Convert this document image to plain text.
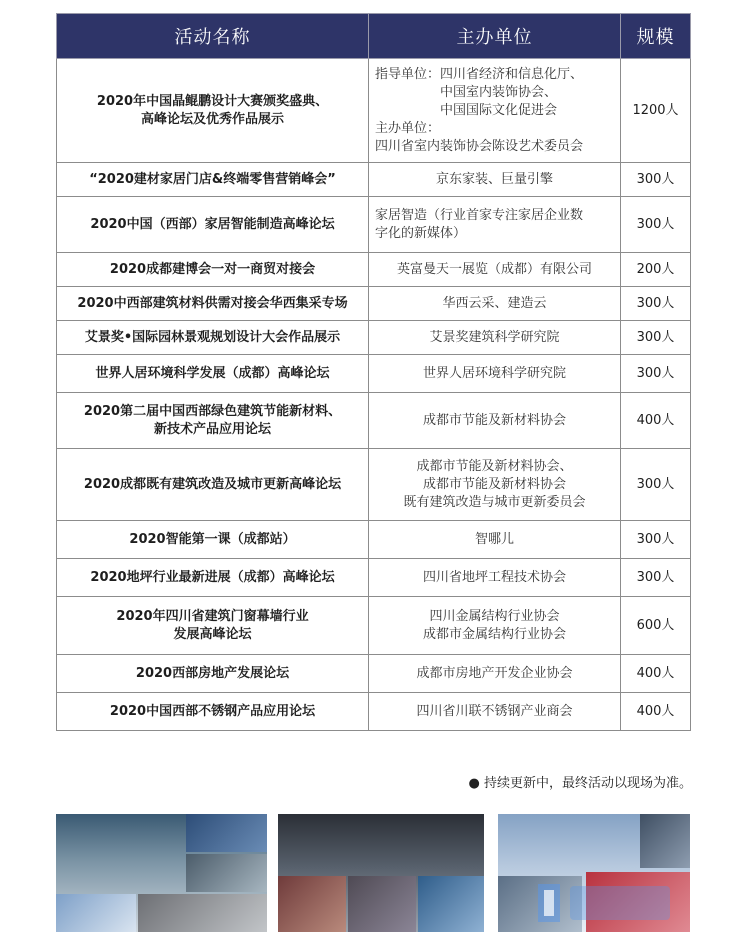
活动名称	主办单位	规模

2020年中国晶鲲鹏设计大赛颁奖盛典、
高峰论坛及优秀作品展示	指导单位：四川省经济和信息化厅、
　　　　　中国室内装饰协会、
　　　　　中国国际文化促进会
主办单位：
四川省室内装饰协会陈设艺术委员会	1200人

“2020建材家居门店&终端零售营销峰会”	京东家装、巨量引擎	300人

2020中国（西部）家居智能制造高峰论坛	家居智造（行业首家专注家居企业数
字化的新媒体）	300人

2020成都建博会一对一商贸对接会	英富曼天一展览（成都）有限公司	200人

2020中西部建筑材料供需对接会华西集采专场	华西云采、建造云	300人

艾景奖•国际园林景观规划设计大会作品展示	艾景奖建筑科学研究院	300人

世界人居环境科学发展（成都）高峰论坛	世界人居环境科学研究院	300人

2020第二届中国西部绿色建筑节能新材料、
新技术产品应用论坛	成都市节能及新材料协会	400人

2020成都既有建筑改造及城市更新高峰论坛	成都市节能及新材料协会、
成都市节能及新材料协会
既有建筑改造与城市更新委员会	300人

2020智能第一课（成都站）	智哪儿	300人

2020地坪行业最新进展（成都）高峰论坛	四川省地坪工程技术协会	300人

2020年四川省建筑门窗幕墙行业
发展高峰论坛	四川金属结构行业协会
成都市金属结构行业协会	600人

2020西部房地产发展论坛	成都市房地产开发企业协会	400人

2020中国西部不锈钢产品应用论坛	四川省川联不锈钢产业商会	400人
● 持续更新中，最终活动以现场为准。
